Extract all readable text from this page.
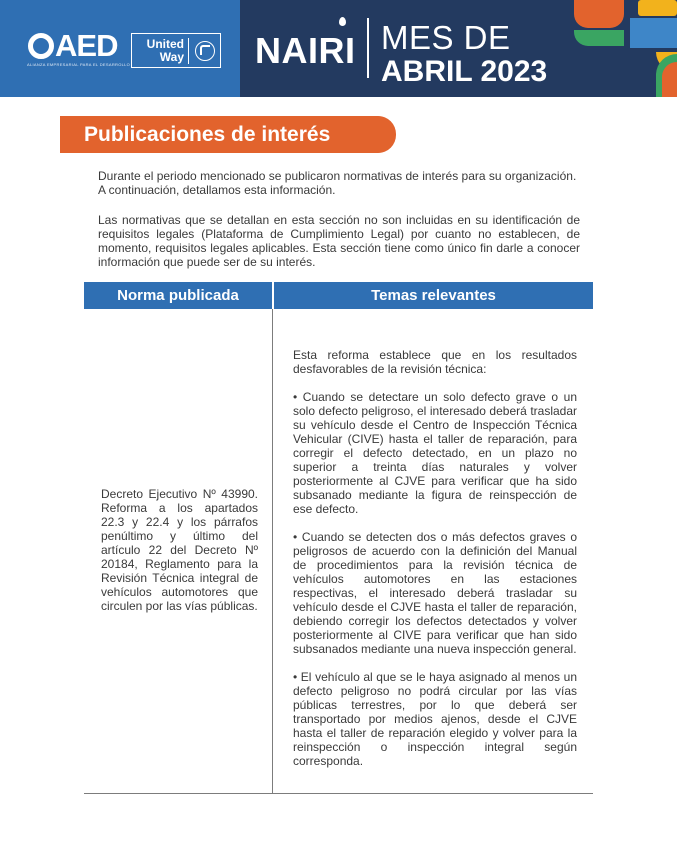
AED
ALIANZA EMPRESARIAL PARA EL DESARROLLO
United Way NAIRI MES DE
ABRIL 2023
Publicaciones de interés
Durante el periodo mencionado se publicaron normativas de interés para su organización. A continuación, detallamos esta información.
Las normativas que se detallan en esta sección no son incluidas en su identificación de requisitos legales (Plataforma de Cumplimiento Legal) por cuanto no establecen, de momento, requisitos legales aplicables. Esta sección tiene como único fin darle a conocer información que puede ser de su interés.
Norma publicada	Temas relevantes
Decreto Ejecutivo Nº 43990. Reforma a los apartados 22.3 y 22.4 y los párrafos penúltimo y último del artículo 22 del Decreto Nº 20184, Reglamento para la Revisión Técnica integral de vehículos automotores que circulen por las vías públicas.

Esta reforma establece que en los resultados desfavorables de la revisión técnica:

• Cuando se detectare un solo defecto grave o un solo defecto peligroso, el interesado deberá trasladar su vehículo desde el Centro de Inspección Técnica Vehicular (CIVE) hasta el taller de reparación, para corregir el defecto detectado, en un plazo no superior a treinta días naturales y volver posteriormente al CJVE para verificar que ha sido subsanado mediante la figura de reinspección de ese defecto.

• Cuando se detecten dos o más defectos graves o peligrosos de acuerdo con la definición del Manual de procedimientos para la revisión técnica de vehículos automotores en las estaciones respectivas, el interesado deberá trasladar su vehículo desde el CJVE hasta el taller de reparación, debiendo corregir los defectos detectados y volver posteriormente al CIVE para verificar que han sido subsanados mediante una nueva inspección general.

• El vehículo al que se le haya asignado al menos un defecto peligroso no podrá circular por las vías públicas terrestres, por lo que deberá ser transportado por medios ajenos, desde el CJVE hasta el taller de reparación elegido y volver para la reinspección o inspección integral según corresponda.
